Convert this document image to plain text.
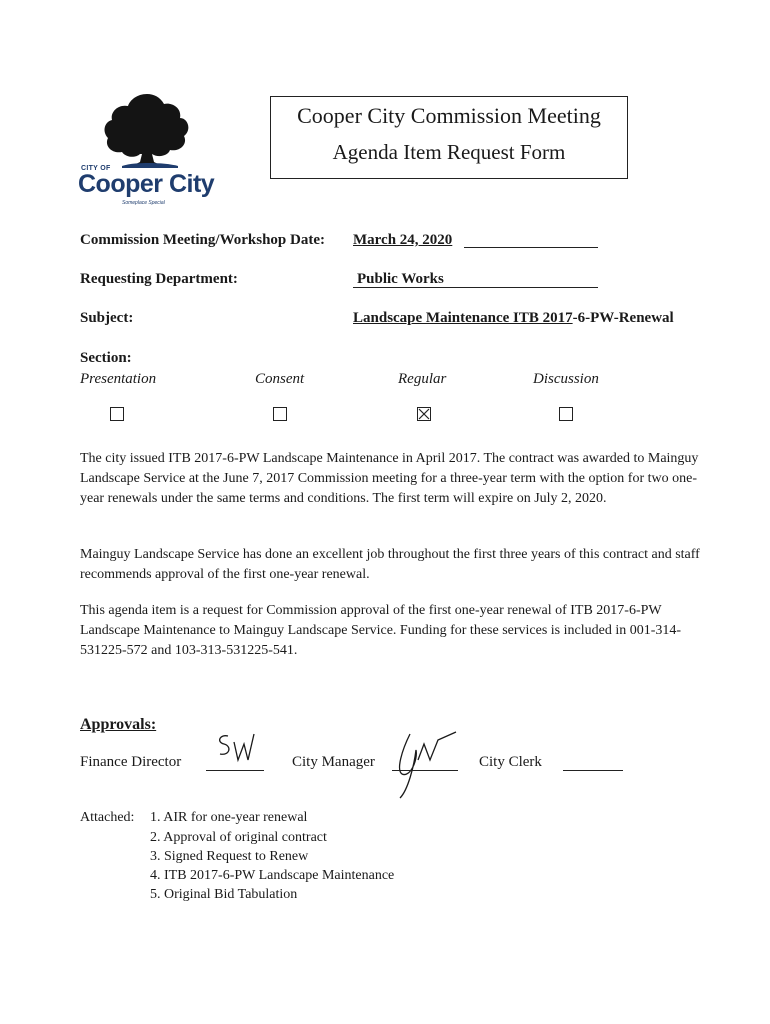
CITY OF
Cooper City
Someplace Special
Cooper City Commission Meeting
Agenda Item Request Form
Commission Meeting/Workshop Date: March 24, 2020
Requesting Department:	Public Works
Subject:	Landscape Maintenance ITB 2017-6-PW-Renewal
Section:
Presentation	Consent	Regular	Discussion
The city issued ITB 2017-6-PW Landscape Maintenance in April 2017. The contract was awarded to Mainguy Landscape Service at the June 7, 2017 Commission meeting for a three-year term with the option for two one-year renewals under the same terms and conditions. The first term will expire on July 2, 2020.
Mainguy Landscape Service has done an excellent job throughout the first three years of this contract and staff recommends approval of the first one-year renewal.
This agenda item is a request for Commission approval of the first one-year renewal of ITB 2017-6-PW Landscape Maintenance to Mainguy Landscape Service. Funding for these services is included in 001-314-531225-572 and 103-313-531225-541.
Approvals:
Finance Director	City Manager	City Clerk
Attached: 1. AIR for one-year renewal
2. Approval of original contract
3. Signed Request to Renew
4. ITB 2017-6-PW Landscape Maintenance
5. Original Bid Tabulation
